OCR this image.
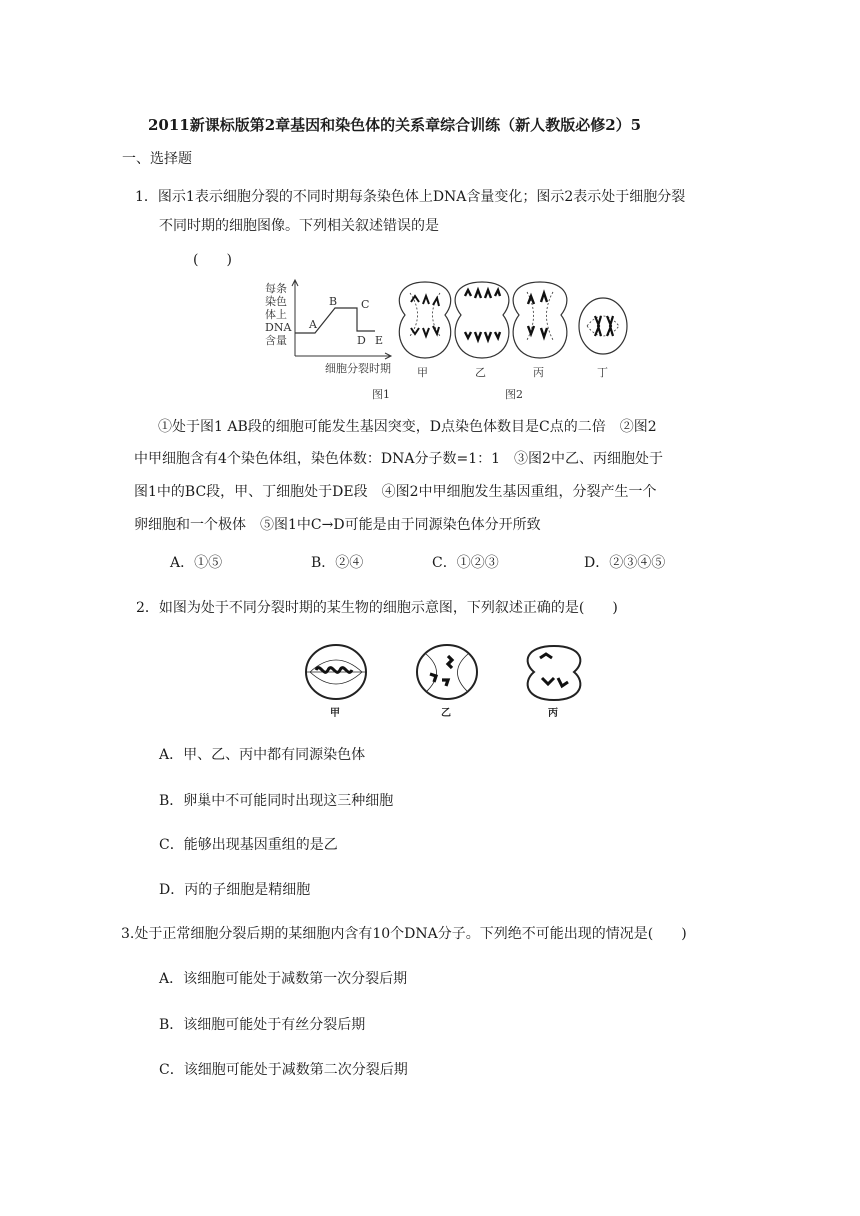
2011新课标版第2章基因和染色体的关系章综合训练（新人教版必修2）5
一、选择题
1．图示1表示细胞分裂的不同时期每条染色体上DNA含量变化；图示2表示处于细胞分裂
不同时期的细胞图像。下列相关叙述错误的是
(　　)
每条
染色
体上
DNA
含量
A
B C
D E
细胞分裂时期
图1
甲	乙	丙
图2
丁
①处于图1 AB段的细胞可能发生基因突变，D点染色体数目是C点的二倍　②图2
中甲细胞含有4个染色体组，染色体数：DNA分子数=1：1　③图2中乙、丙细胞处于
图1中的BC段，甲、丁细胞处于DE段　④图2中甲细胞发生基因重组，分裂产生一个
卵细胞和一个极体　⑤图1中C→D可能是由于同源染色体分开所致
A．①⑤	B．②④	C．①②③	D．②③④⑤
2．如图为处于不同分裂时期的某生物的细胞示意图，下列叙述正确的是(　　)
甲	乙	丙
A．甲、乙、丙中都有同源染色体
B．卵巢中不可能同时出现这三种细胞
C．能够出现基因重组的是乙
D．丙的子细胞是精细胞
3.处于正常细胞分裂后期的某细胞内含有10个DNA分子。下列绝不可能出现的情况是(　　)
A．该细胞可能处于减数第一次分裂后期
B．该细胞可能处于有丝分裂后期
C．该细胞可能处于减数第二次分裂后期
